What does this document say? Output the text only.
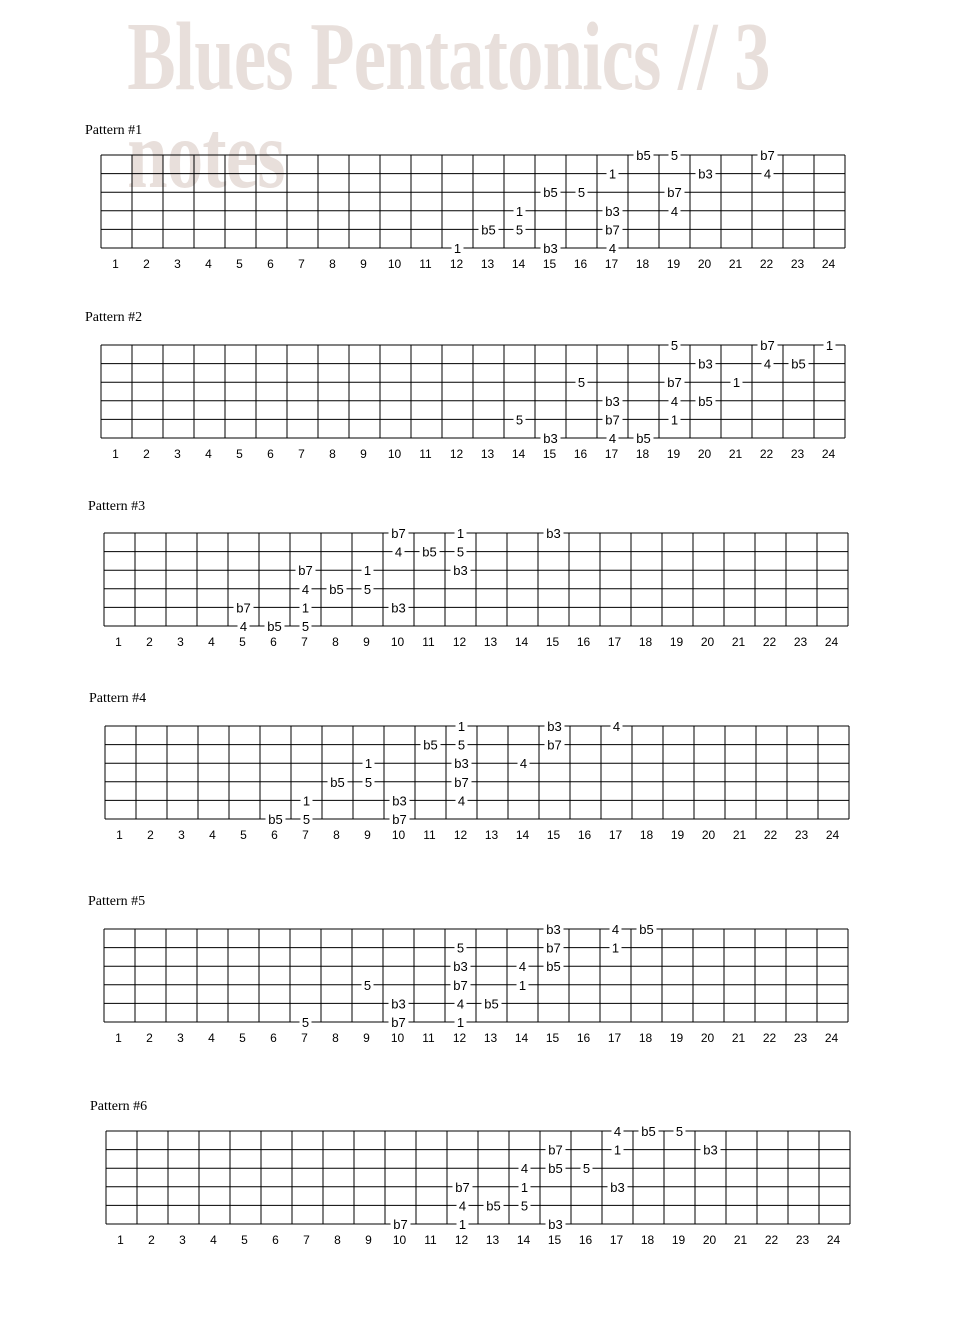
Blues Pentatonics // 3 notes
Pattern #1
b5 5	b7
1	b3	4
b5 5	b7
1	b3	4
b5 5	b7
1	b3	4
1 2 3 4 5 6 7 8 9 10 11 12 13 14 15 16 17 18 19 20 21 22 23 24
Pattern #2
5	b7	1
b3	4 b5
5	b7	1
b3	4 b5
5	b7	1
b3	4 b5
1 2 3 4 5 6 7 8 9 10 11 12 13 14 15 16 17 18 19 20 21 22 23 24
Pattern #3
b7	1	b3
4 b5 5
b7	1	b3
4 b5 5
b7	1	b3
4 b5 5
1 2 3 4 5 6 7 8 9 10 11 12 13 14 15 16 17 18 19 20 21 22 23 24
Pattern #4
1	b3	4
b5 5	b7
1	b3	4
b5 5	b7
1	b3	4
b5 5	b7
1 2 3 4 5 6 7 8 9 10 11 12 13 14 15 16 17 18 19 20 21 22 23 24
Pattern #5
b3	4 b5
5	b7	1
b3	4 b5
5	b7	1
b3	4 b5
5	b7	1
1 2 3 4 5 6 7 8 9 10 11 12 13 14 15 16 17 18 19 20 21 22 23 24
Pattern #6
4 b5 5
b7	1	b3
4 b5 5
b7	1	b3
4 b5 5
b7	1	b3
1 2 3 4 5 6 7 8 9 10 11 12 13 14 15 16 17 18 19 20 21 22 23 24
